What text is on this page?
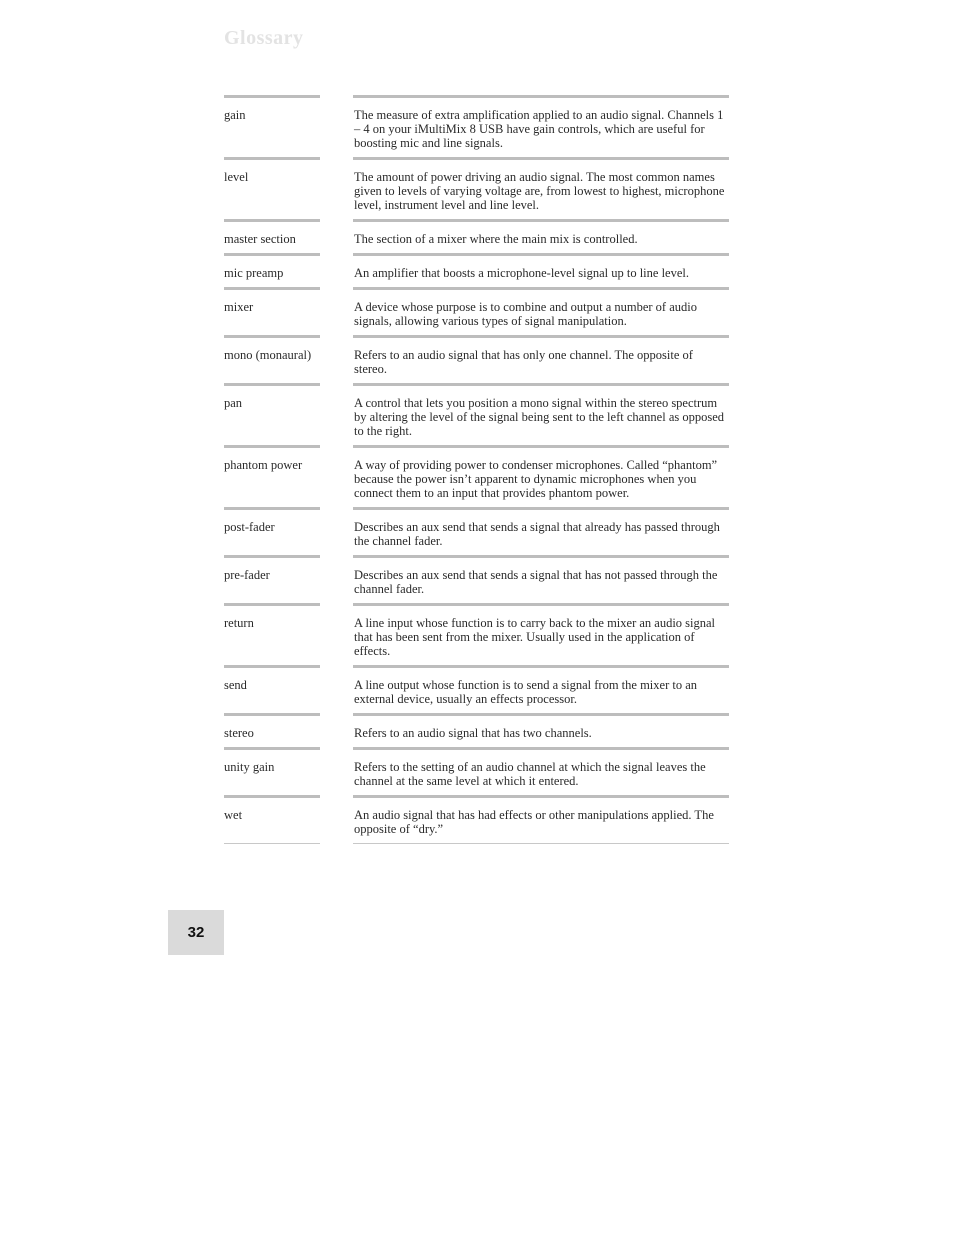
Glossary
gain	The measure of extra amplification applied to an audio signal. Channels 1 – 4 on your iMultiMix 8 USB have gain controls, which are useful for boosting mic and line signals.
level	The amount of power driving an audio signal. The most common names given to levels of varying voltage are, from lowest to highest, microphone level, instrument level and line level.
master section	The section of a mixer where the main mix is controlled.
mic preamp	An amplifier that boosts a microphone-level signal up to line level.
mixer	A device whose purpose is to combine and output a number of audio signals, allowing various types of signal manipulation.
mono (monaural)	Refers to an audio signal that has only one channel. The opposite of stereo.
pan	A control that lets you position a mono signal within the stereo spectrum by altering the level of the signal being sent to the left channel as opposed to the right.
phantom power	A way of providing power to condenser microphones. Called “phantom” because the power isn’t apparent to dynamic microphones when you connect them to an input that provides phantom power.
post-fader	Describes an aux send that sends a signal that already has passed through the channel fader.
pre-fader	Describes an aux send that sends a signal that has not passed through the channel fader.
return	A line input whose function is to carry back to the mixer an audio signal that has been sent from the mixer. Usually used in the application of effects.
send	A line output whose function is to send a signal from the mixer to an external device, usually an effects processor.
stereo	Refers to an audio signal that has two channels.
unity gain	Refers to the setting of an audio channel at which the signal leaves the channel at the same level at which it entered.
wet	An audio signal that has had effects or other manipulations applied. The opposite of “dry.”
32
